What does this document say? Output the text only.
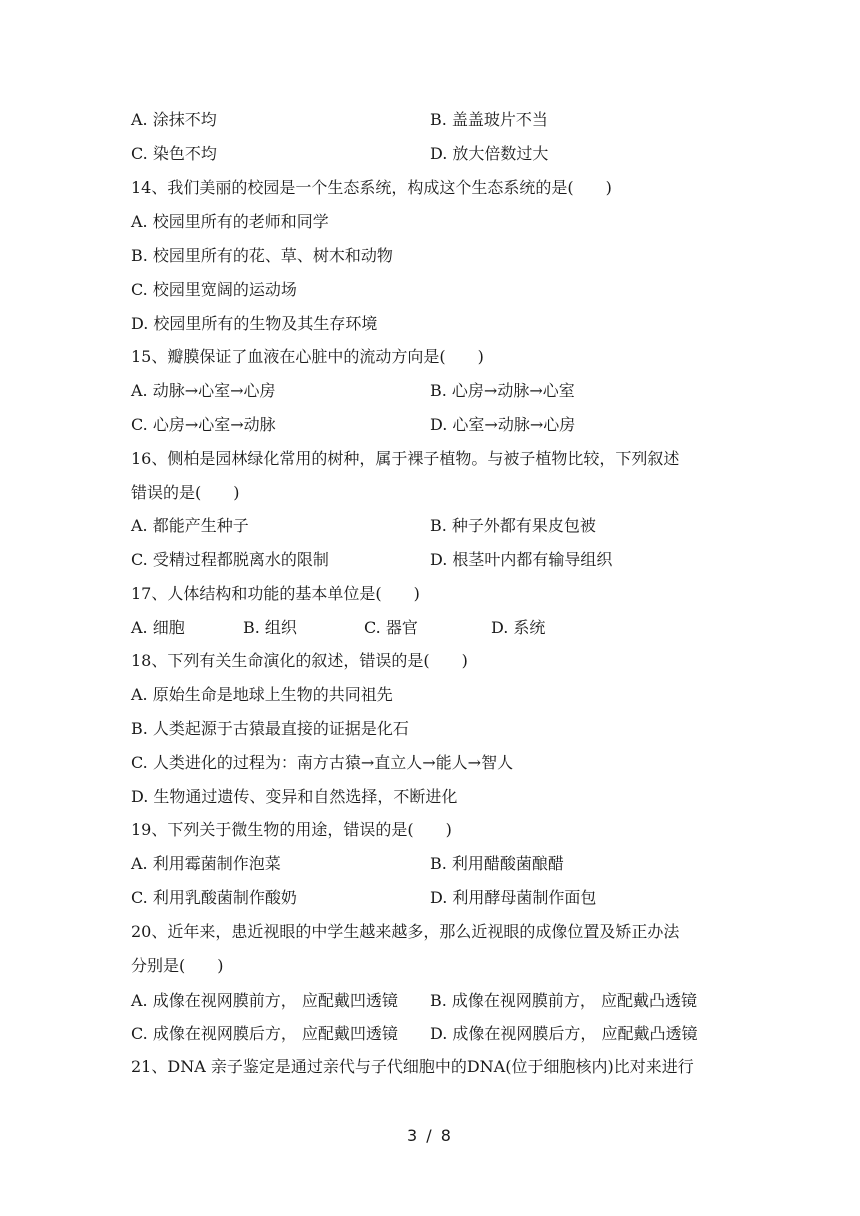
A. 涂抹不均	B. 盖盖玻片不当
C. 染色不均	D. 放大倍数过大
14、我们美丽的校园是一个生态系统，构成这个生态系统的是(　　)
A. 校园里所有的老师和同学
B. 校园里所有的花、草、树木和动物
C. 校园里宽阔的运动场
D. 校园里所有的生物及其生存环境
15、瓣膜保证了血液在心脏中的流动方向是(　　)
A. 动脉→心室→心房	B. 心房→动脉→心室
C. 心房→心室→动脉	D. 心室→动脉→心房
16、侧柏是园林绿化常用的树种，属于裸子植物。与被子植物比较，下列叙述
错误的是(　　)
A. 都能产生种子	B. 种子外都有果皮包被
C. 受精过程都脱离水的限制	D. 根茎叶内都有输导组织
17、人体结构和功能的基本单位是(　　)
A. 细胞	B. 组织	C. 器官	D. 系统
18、下列有关生命演化的叙述，错误的是(　　)
A. 原始生命是地球上生物的共同祖先
B. 人类起源于古猿最直接的证据是化石
C. 人类进化的过程为：南方古猿→直立人→能人→智人
D. 生物通过遗传、变异和自然选择，不断进化
19、下列关于微生物的用途，错误的是(　　)
A. 利用霉菌制作泡菜	B. 利用醋酸菌酿醋
C. 利用乳酸菌制作酸奶	D. 利用酵母菌制作面包
20、近年来，患近视眼的中学生越来越多，那么近视眼的成像位置及矫正办法
分别是(　　)
A. 成像在视网膜前方， 应配戴凹透镜 B. 成像在视网膜前方， 应配戴凸透镜
C. 成像在视网膜后方， 应配戴凹透镜 D. 成像在视网膜后方， 应配戴凸透镜
21、DNA 亲子鉴定是通过亲代与子代细胞中的DNA(位于细胞核内)比对来进行
3 / 8
